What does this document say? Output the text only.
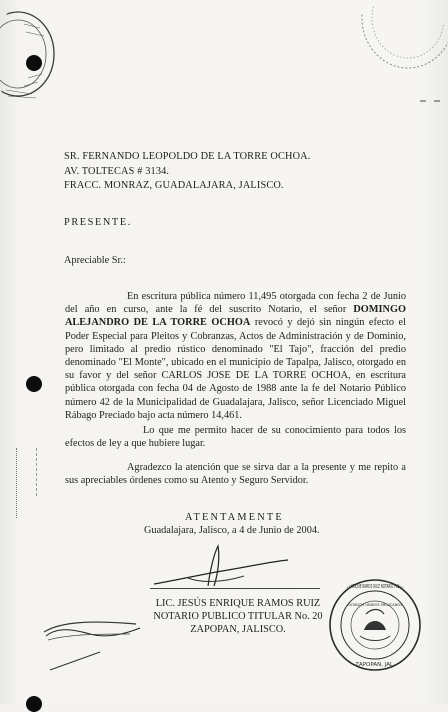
SR. FERNANDO LEOPOLDO DE LA TORRE OCHOA.
AV. TOLTECAS # 3134.
FRACC. MONRAZ, GUADALAJARA, JALISCO.
PRESENTE.
Apreciable Sr.:
En escritura pública número 11,495 otorgada con fecha 2 de Junio del año en curso, ante la fé del suscrito Notario, el señor DOMINGO ALEJANDRO DE LA TORRE OCHOA revocó y dejó sin ningún efecto el Poder Especial para Pleitos y Cobranzas, Actos de Administración y de Dominio, pero limitado al predio rústico denominado "El Tajo", fracción del predio denominado "El Monte", ubicado en el municipio de Tapalpa, Jalisco, otorgado en su favor y del señor CARLOS JOSE DE LA TORRE OCHOA, en escritura pública otorgada con fecha 04 de Agosto de 1988 ante la fe del Notario Público número 42 de la Municipalidad de Guadalajara, Jalisco, señor Licenciado Miguel Rábago Preciado bajo acta número 14,461.
Lo que me permito hacer de su conocimiento para todos los efectos de ley a que hubiere lugar.
Agradezco la atención que se sirva dar a la presente y me repito a sus apreciables órdenes como su Atento y Seguro Servidor.
ATENTAMENTE
Guadalajara, Jalisco, a 4 de Junio de 2004.
LIC. JESÚS ENRIQUE RAMOS RUIZ
NOTARIO PUBLICO TITULAR No. 20
ZAPOPAN, JALISCO.
LIC. JESUS ENRIQUE RAMOS RUIZ NOTARIO PUBLICO No. 20
ESTADOS UNIDOS MEXICANOS
ZAPOPAN, JAL.
